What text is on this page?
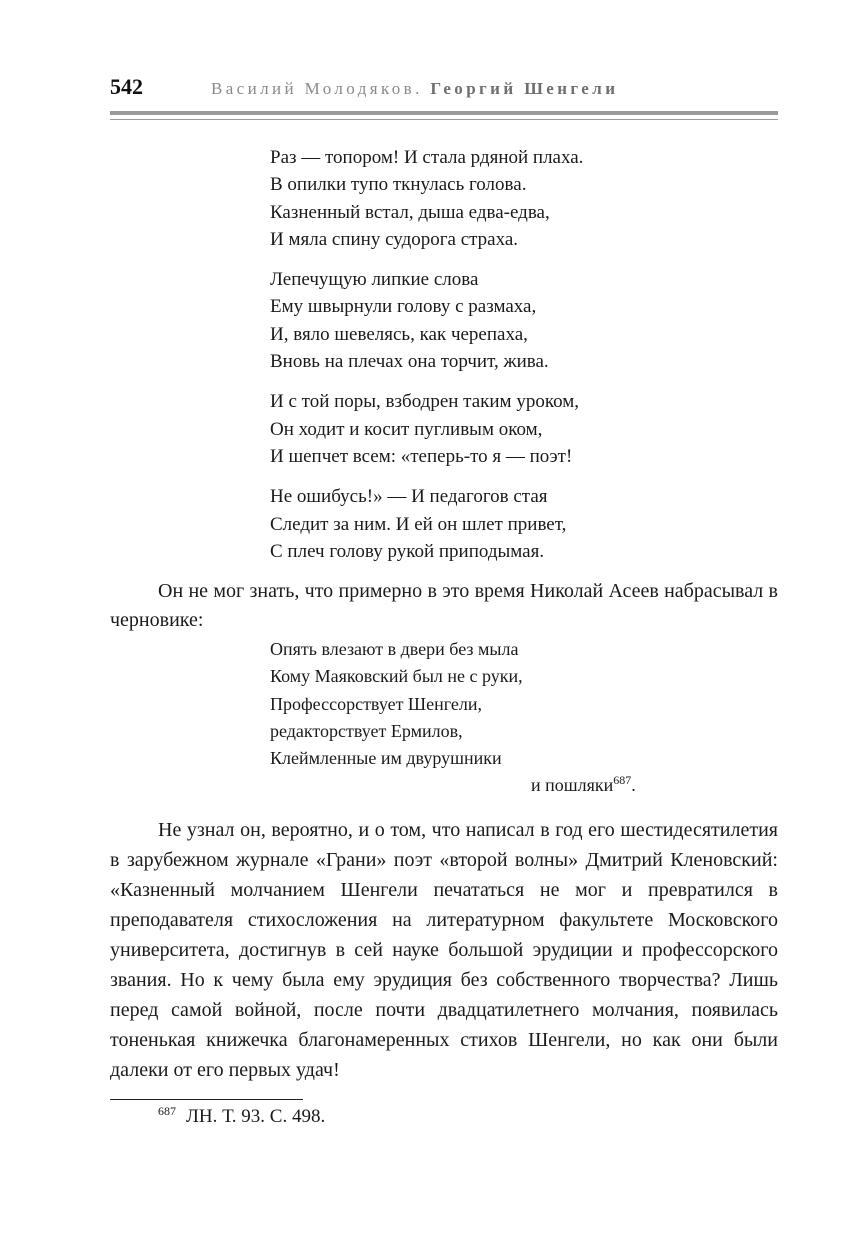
542	Василий Молодяков. Георгий Шенгели
Раз — топором! И стала рдяной плаха.
В опилки тупо ткнулась голова.
Казненный встал, дыша едва-едва,
И мяла спину судорога страха.
Лепечущую липкие слова
Ему швырнули голову с размаха,
И, вяло шевелясь, как черепаха,
Вновь на плечах она торчит, жива.
И с той поры, взбодрен таким уроком,
Он ходит и косит пугливым оком,
И шепчет всем: «теперь-то я — поэт!
Не ошибусь!» — И педагогов стая
Следит за ним. И ей он шлет привет,
С плеч голову рукой приподымая.

Он не мог знать, что примерно в это время Николай Асеев набрасывал в черновике:

Опять влезают в двери без мыла
Кому Маяковский был не с руки,
Профессорствует Шенгели,
редакторствует Ермилов,
Клеймленные им двурушники
и пошляки$^{687}$.

Не узнал он, вероятно, и о том, что написал в год его шестидесятилетия в зарубежном журнале «Грани» поэт «второй волны» Дмитрий Кленовский: «Казненный молчанием Шенгели печататься не мог и превратился в преподавателя стихосложения на литературном факультете Московского университета, достигнув в сей науке большой эрудиции и профессорского звания. Но к чему была ему эрудиция без собственного творчества? Лишь перед самой войной, после почти двадцатилетнего молчания, появилась тоненькая книжечка благонамеренных стихов Шенгели, но как они были далеки от его первых удач!

$^{687}$ ЛН. Т. 93. С. 498.
